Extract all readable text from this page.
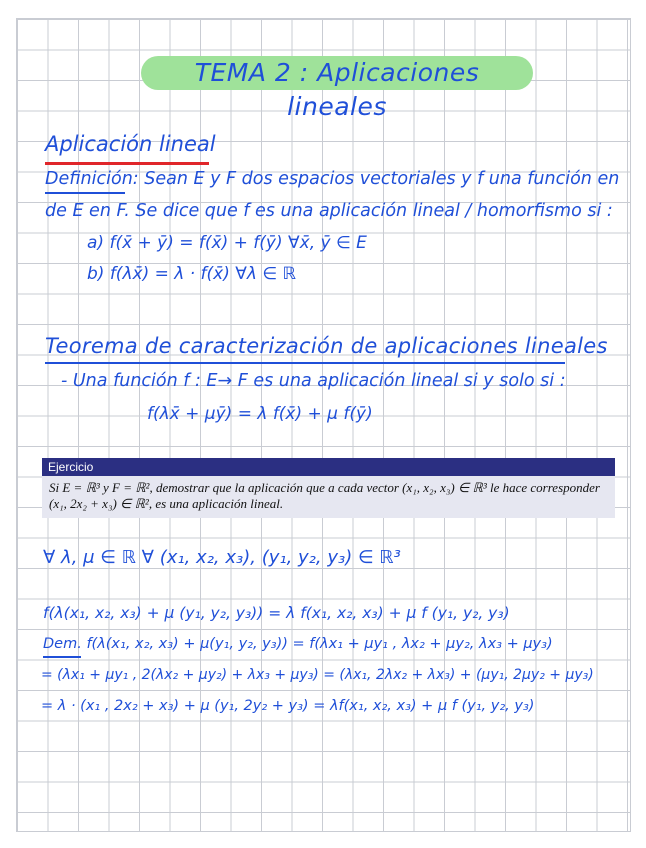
TEMA 2 : Aplicaciones lineales
Aplicación lineal
Definición: Sean E y F dos espacios vectoriales y f una función en
de E en F. Se dice que f es una aplicación lineal / homorfismo si :
a) f(x̄ + ȳ) = f(x̄) + f(ȳ) ∀x̄, ȳ ∈ E
b) f(λx̄) = λ · f(x̄) ∀λ ∈ ℝ
Teorema de caracterización de aplicaciones lineales
- Una función f : E→ F es una aplicación lineal si y solo si :
f(λx̄ + μȳ) = λ f(x̄) + μ f(ȳ)
Ejercicio
Si E = ℝ³ y F = ℝ², demostrar que la aplicación que a cada vector (x₁, x₂, x₃) ∈ ℝ³ le hace corresponder (x₁, 2x₂ + x₃) ∈ ℝ², es una aplicación lineal.
∀ λ, μ ∈ ℝ ∀ (x₁, x₂, x₃), (y₁, y₂, y₃) ∈ ℝ³
f(λ(x₁, x₂, x₃) + μ (y₁, y₂, y₃)) = λ f(x₁, x₂, x₃) + μ f (y₁, y₂, y₃)
Dem. f(λ(x₁, x₂, x₃) + μ(y₁, y₂, y₃)) = f(λx₁ + μy₁ , λx₂ + μy₂, λx₃ + μy₃)
= (λx₁ + μy₁ , 2(λx₂ + μy₂) + λx₃ + μy₃) = (λx₁, 2λx₂ + λx₃) + (μy₁, 2μy₂ + μy₃)
= λ · (x₁ , 2x₂ + x₃) + μ (y₁, 2y₂ + y₃) = λf(x₁, x₂, x₃) + μ f (y₁, y₂, y₃)
